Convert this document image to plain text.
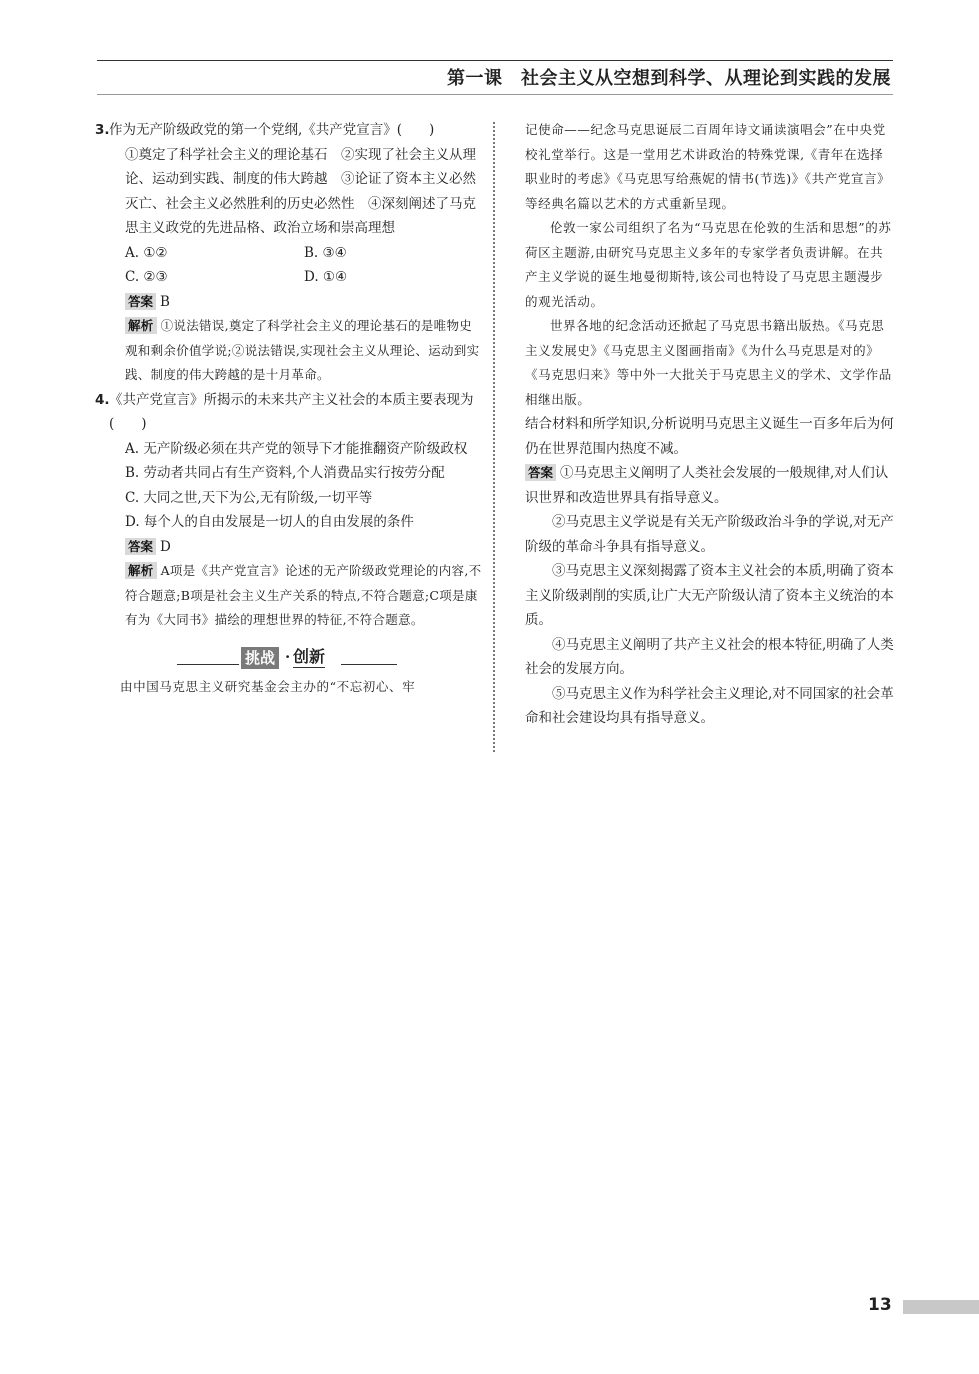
第一课　社会主义从空想到科学、从理论到实践的发展
3. 作为无产阶级政党的第一个党纲,《共产党宣言》(　　)
①奠定了科学社会主义的理论基石　②实现了社会主义从理论、运动到实践、制度的伟大跨越　③论证了资本主义必然灭亡、社会主义必然胜利的历史必然性　④深刻阐述了马克思主义政党的先进品格、政治立场和崇高理想
A. ①②	B. ③④
C. ②③	D. ①④
答案 B
解析 ①说法错误,奠定了科学社会主义的理论基石的是唯物史观和剩余价值学说;②说法错误,实现社会主义从理论、运动到实践、制度的伟大跨越的是十月革命。
4. 《共产党宣言》所揭示的未来共产主义社会的本质主要表现为(　　)
A. 无产阶级必须在共产党的领导下才能推翻资产阶级政权
B. 劳动者共同占有生产资料,个人消费品实行按劳分配
C. 大同之世,天下为公,无有阶级,一切平等
D. 每个人的自由发展是一切人的自由发展的条件
答案 D
解析 A项是《共产党宣言》论述的无产阶级政党理论的内容,不符合题意;B项是社会主义生产关系的特点,不符合题意;C项是康有为《大同书》描绘的理想世界的特征,不符合题意。
挑战 · 创新
由中国马克思主义研究基金会主办的“不忘初心、牢
记使命——纪念马克思诞辰二百周年诗文诵读演唱会”在中央党校礼堂举行。这是一堂用艺术讲政治的特殊党课,《青年在选择职业时的考虑》《马克思写给燕妮的情书(节选)》《共产党宣言》等经典名篇以艺术的方式重新呈现。
伦敦一家公司组织了名为“马克思在伦敦的生活和思想”的苏荷区主题游,由研究马克思主义多年的专家学者负责讲解。在共产主义学说的诞生地曼彻斯特,该公司也特设了马克思主题漫步的观光活动。
世界各地的纪念活动还掀起了马克思书籍出版热。《马克思主义发展史》《马克思主义图画指南》《为什么马克思是对的》《马克思归来》等中外一大批关于马克思主义的学术、文学作品相继出版。
结合材料和所学知识,分析说明马克思主义诞生一百多年后为何仍在世界范围内热度不减。
答案 ①马克思主义阐明了人类社会发展的一般规律,对人们认识世界和改造世界具有指导意义。
②马克思主义学说是有关无产阶级政治斗争的学说,对无产阶级的革命斗争具有指导意义。
③马克思主义深刻揭露了资本主义社会的本质,明确了资本主义阶级剥削的实质,让广大无产阶级认清了资本主义统治的本质。
④马克思主义阐明了共产主义社会的根本特征,明确了人类社会的发展方向。
⑤马克思主义作为科学社会主义理论,对不同国家的社会革命和社会建设均具有指导意义。
13
